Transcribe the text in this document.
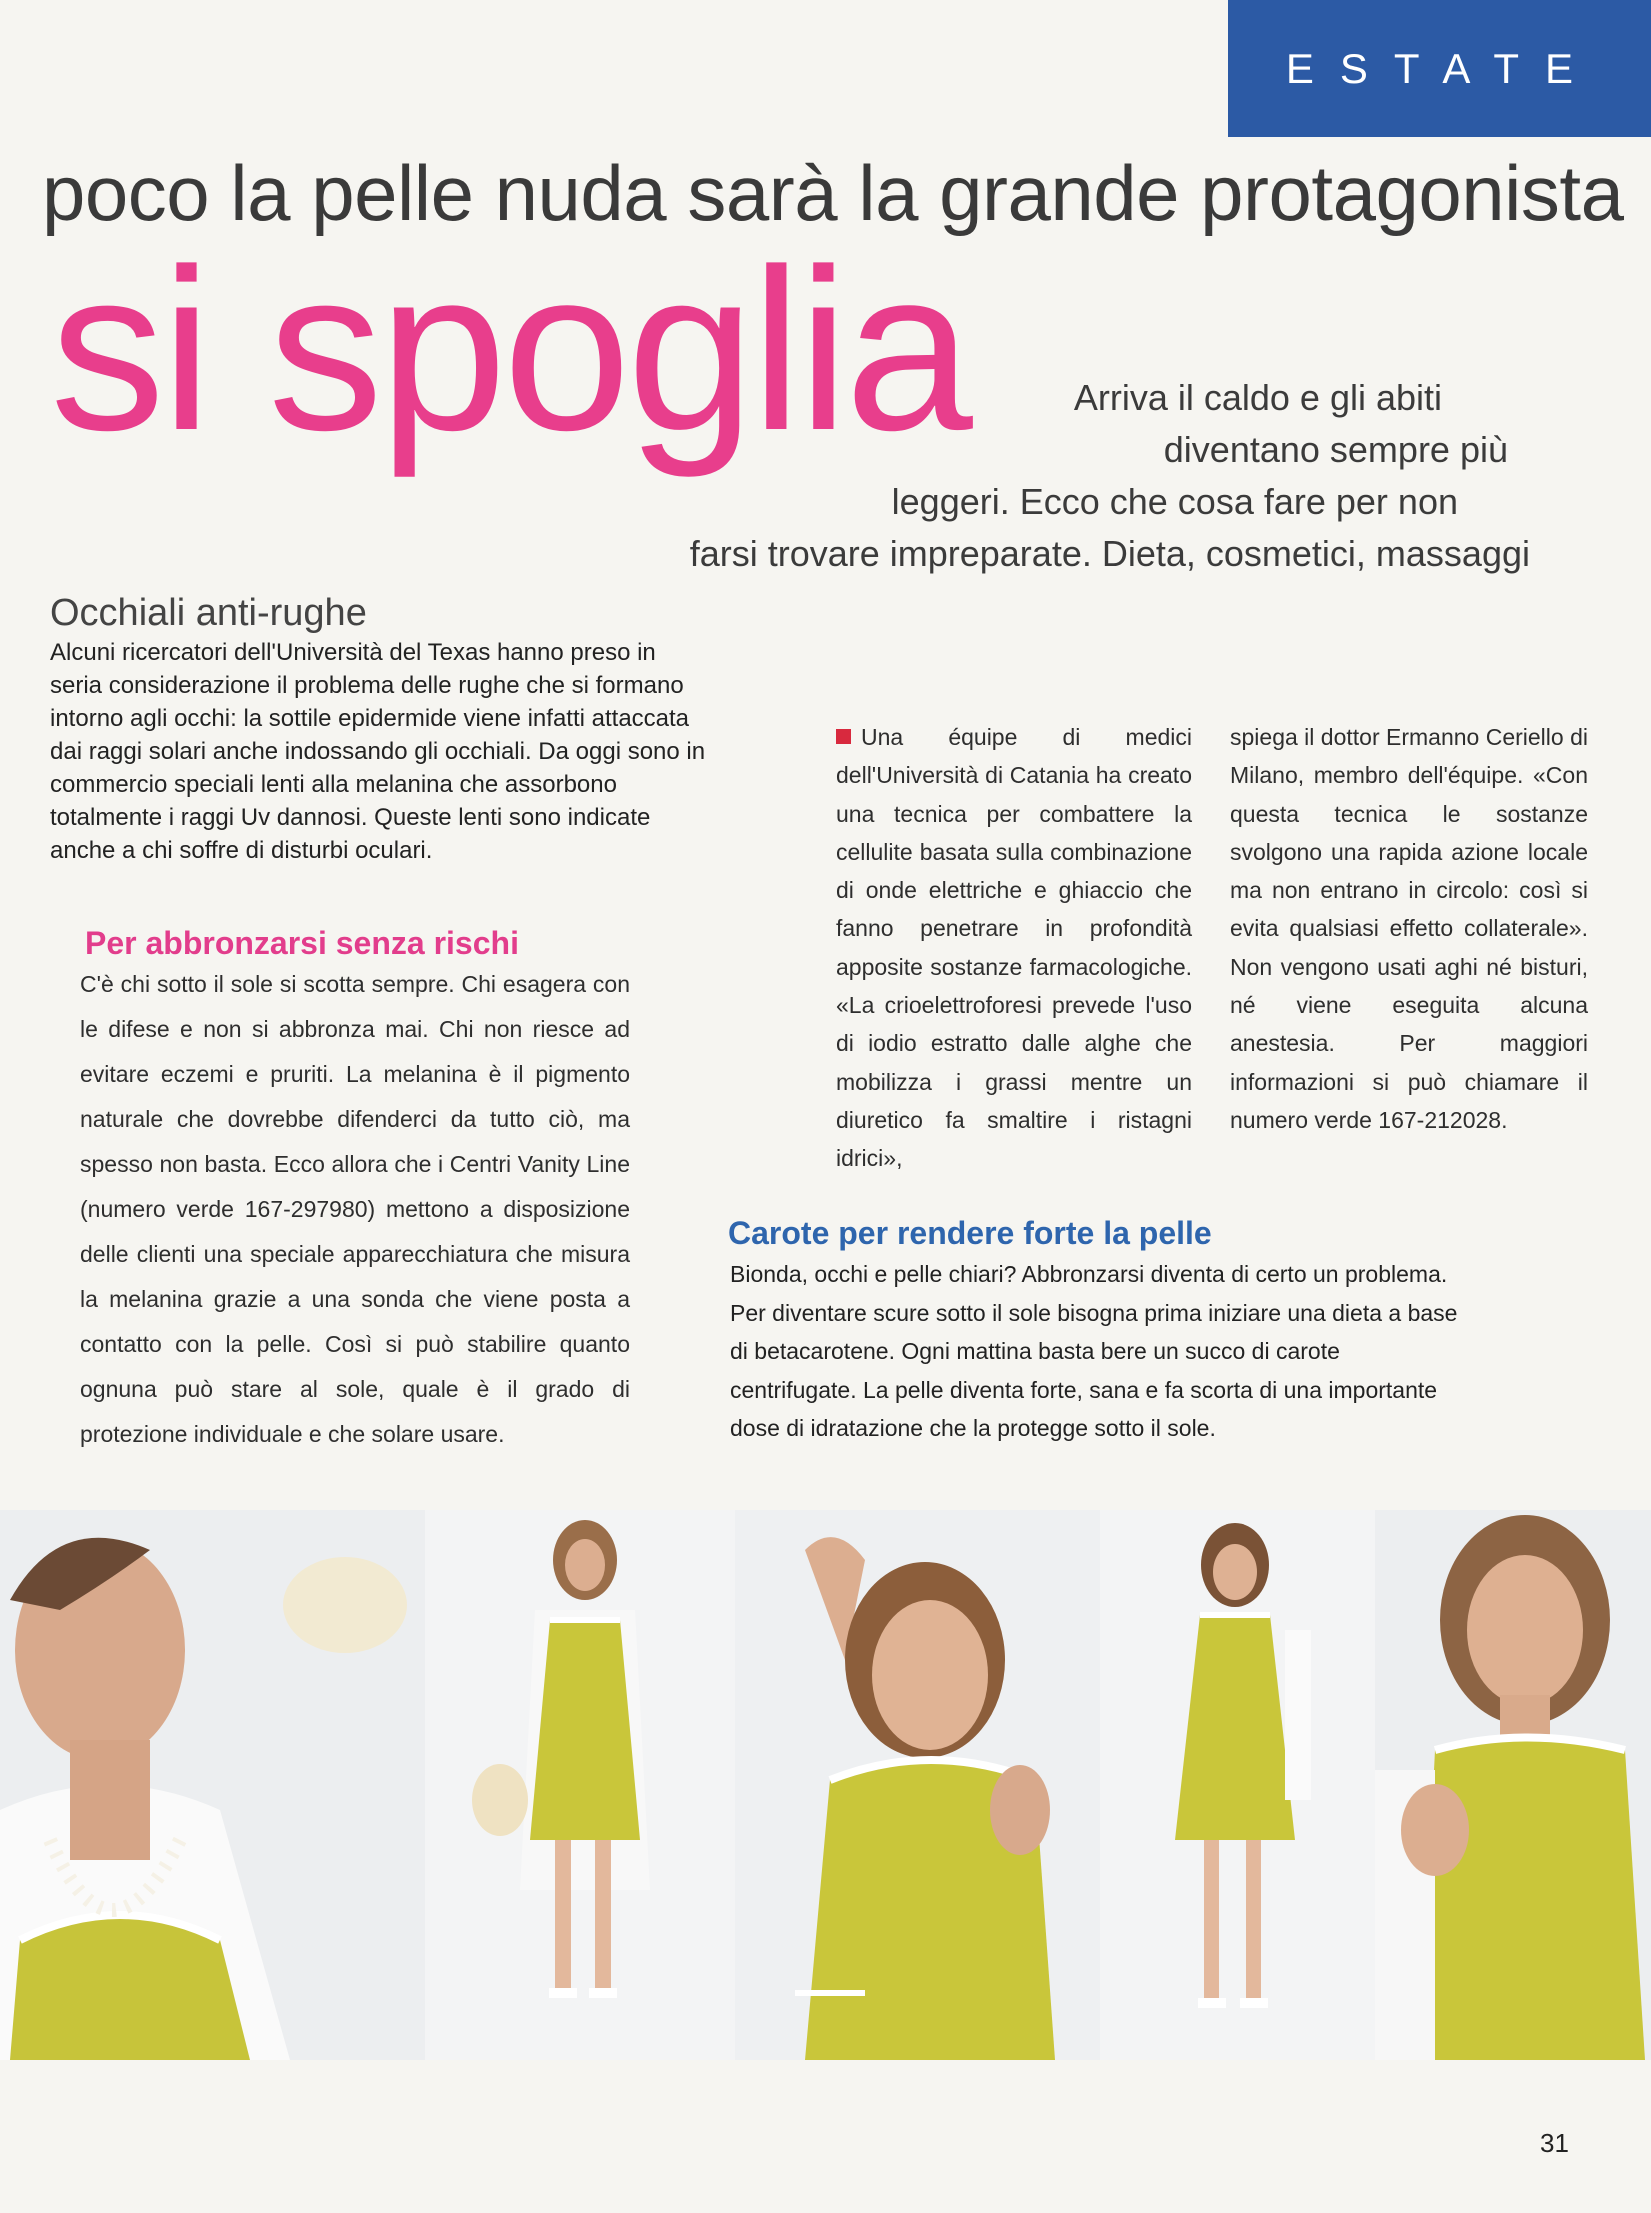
ESTATE
poco la pelle nuda sarà la grande protagonista
si spoglia	Arriva il caldo e gli abiti
diventano sempre più
leggeri. Ecco che cosa fare per non
farsi trovare impreparate. Dieta, cosmetici, massaggi
Occhiali anti-rughe
Alcuni ricercatori dell'Università del Texas hanno preso in seria considerazione il problema delle rughe che si formano intorno agli occhi: la sottile epidermide viene infatti attaccata dai raggi solari anche indossando gli occhiali. Da oggi sono in commercio speciali lenti alla melanina che assorbono totalmente i raggi Uv dannosi. Queste lenti sono indicate anche a chi soffre di disturbi oculari.
Per abbronzarsi senza rischi
C'è chi sotto il sole si scotta sempre. Chi esagera con le difese e non si abbronza mai. Chi non riesce ad evitare eczemi e pruriti. La melanina è il pigmento naturale che dovrebbe difenderci da tutto ciò, ma spesso non basta. Ecco allora che i Centri Vanity Line (numero verde 167-297980) mettono a disposizione delle clienti una speciale apparecchiatura che misura la melanina grazie a una sonda che viene posta a contatto con la pelle. Così si può stabilire quanto ognuna può stare al sole, quale è il grado di protezione individuale e che solare usare.
Una équipe di medici dell'Università di Catania ha creato una tecnica per combattere la cellulite basata sulla combinazione di onde elettriche e ghiaccio che fanno penetrare in profondità apposite sostanze farmacologiche. «La crioelettroforesi prevede l'uso di iodio estratto dalle alghe che mobilizza i grassi mentre un diuretico fa smaltire i ristagni idrici»,
spiega il dottor Ermanno Ceriello di Milano, membro dell'équipe. «Con questa tecnica le sostanze svolgono una rapida azione locale ma non entrano in circolo: così si evita qualsiasi effetto collaterale». Non vengono usati aghi né bisturi, né viene eseguita alcuna anestesia. Per maggiori informazioni si può chiamare il numero verde 167-212028.
Carote per rendere forte la pelle
Bionda, occhi e pelle chiari? Abbronzarsi diventa di certo un problema. Per diventare scure sotto il sole bisogna prima iniziare una dieta a base di betacarotene. Ogni mattina basta bere un succo di carote centrifugate. La pelle diventa forte, sana e fa scorta di una importante dose di idratazione che la protegge sotto il sole.
31
